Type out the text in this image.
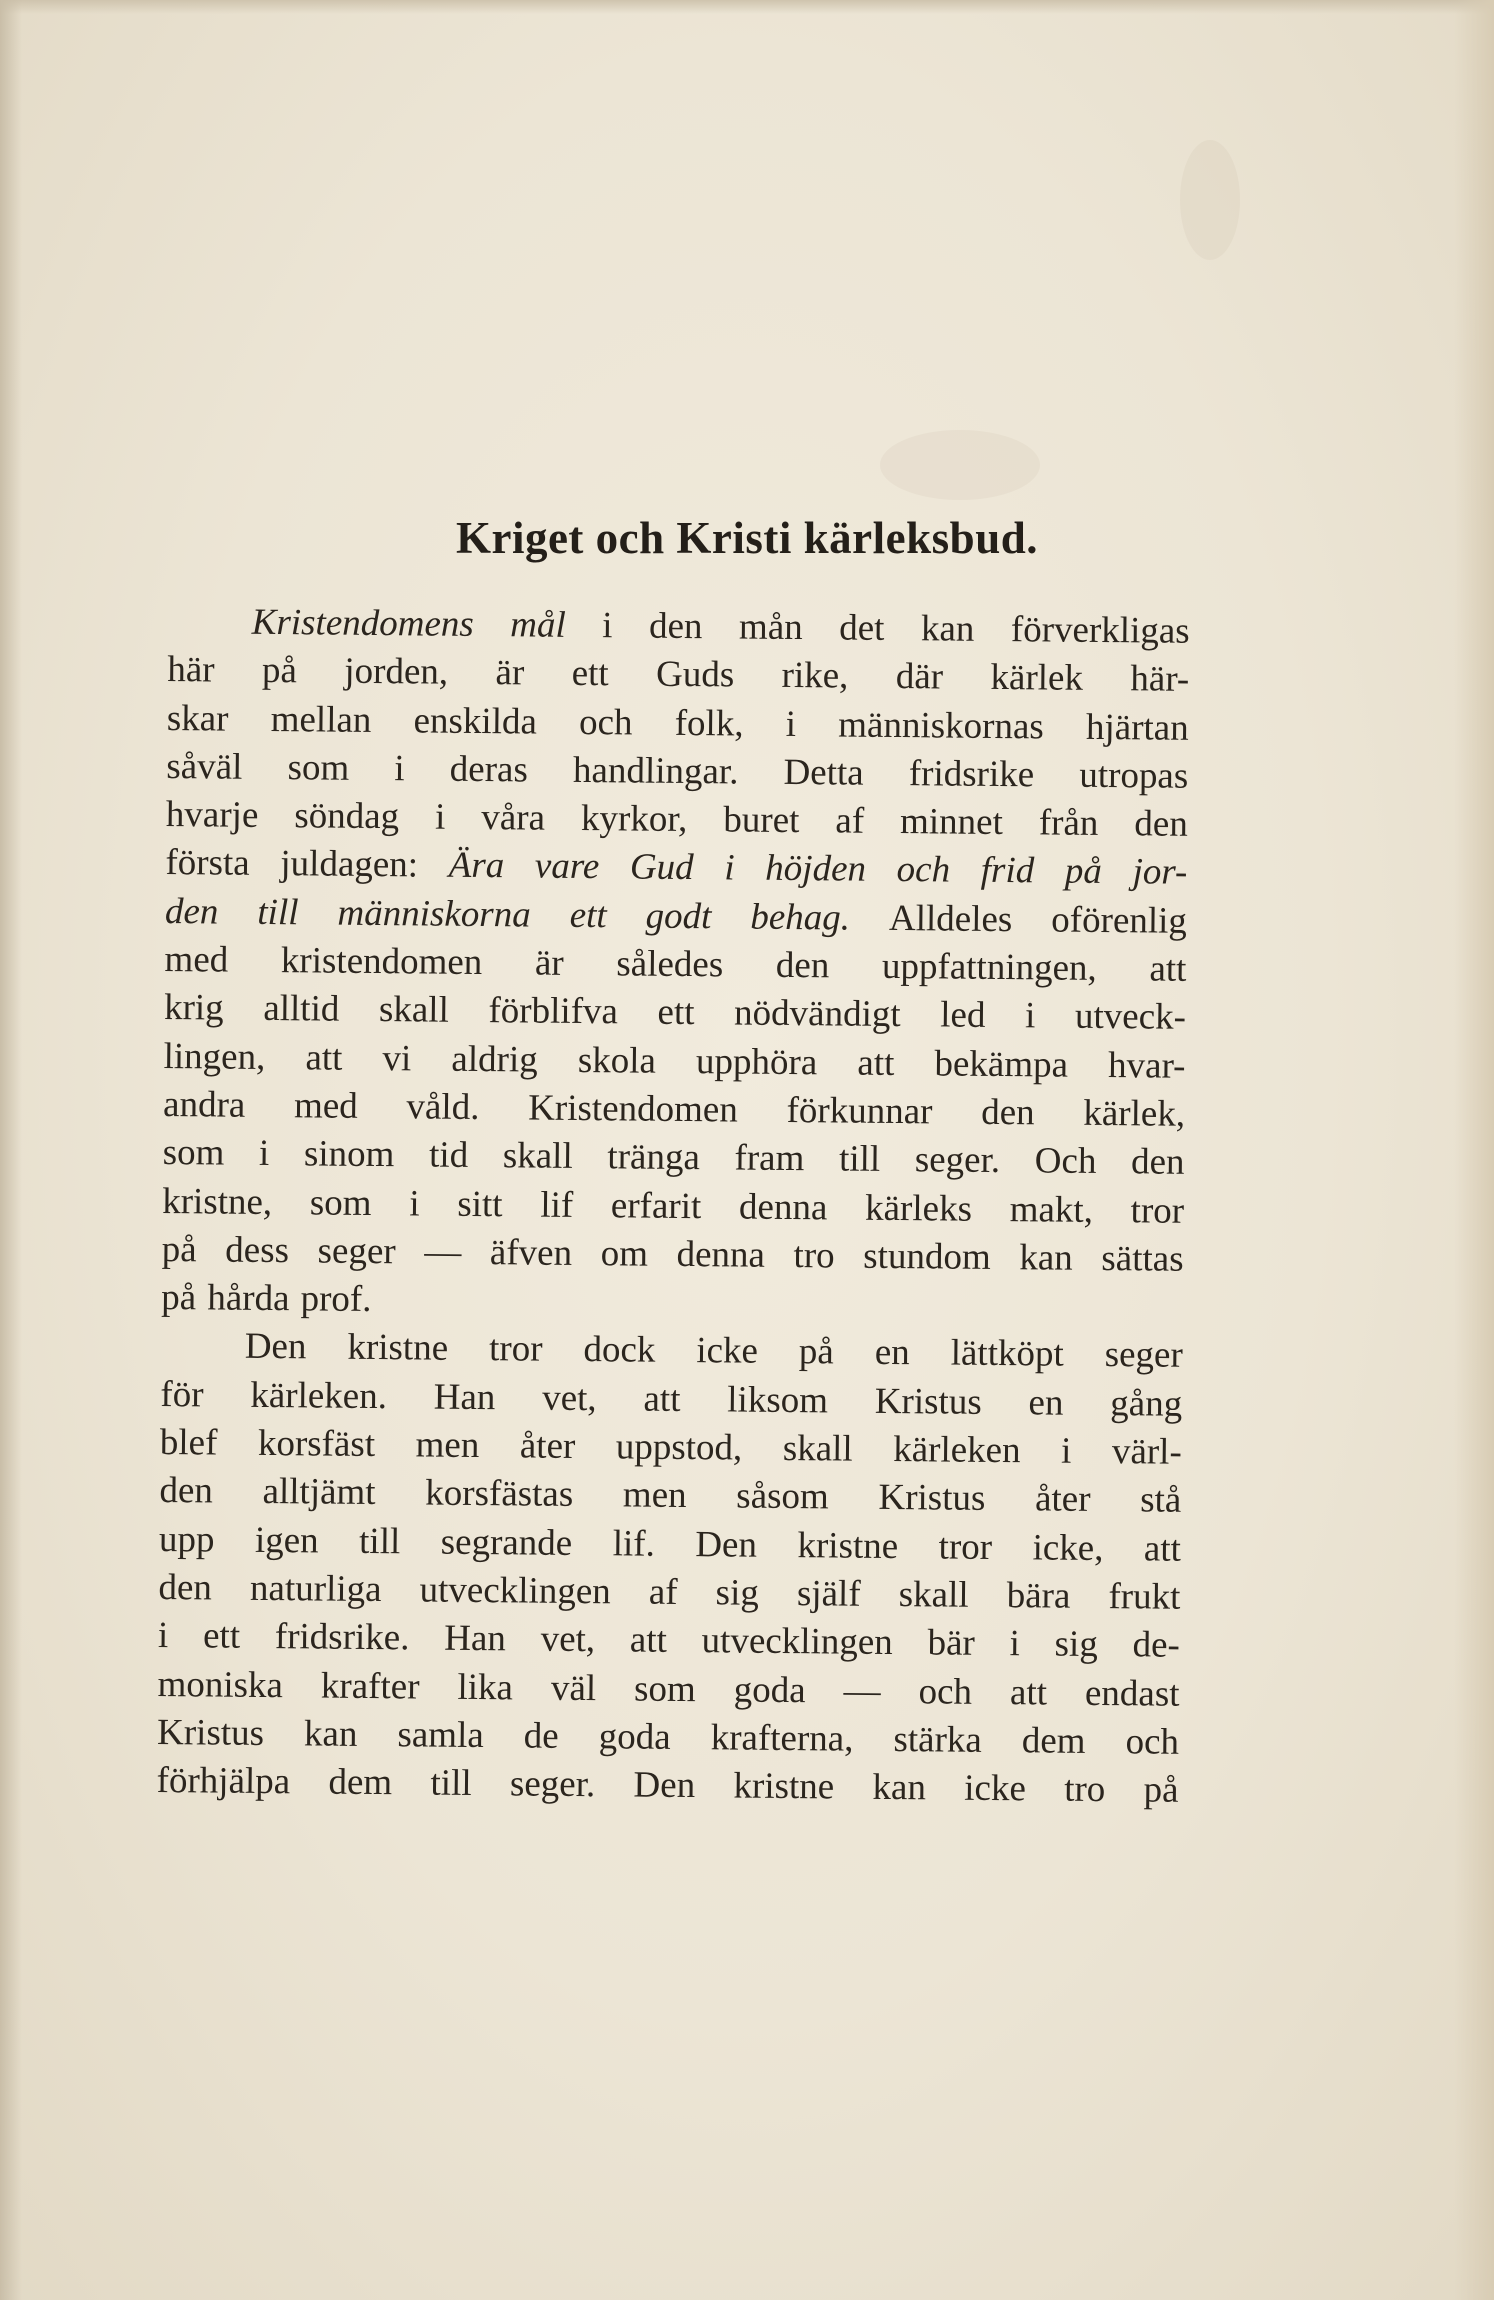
Kriget och Kristi kärleksbud.
Kristendomens mål i den mån det kan förverkligas
här på jorden, är ett Guds rike, där kärlek här-
skar mellan enskilda och folk, i människornas hjärtan
såväl som i deras handlingar. Detta fridsrike utropas
hvarje söndag i våra kyrkor, buret af minnet från den
första juldagen: Ära vare Gud i höjden och frid på jor-
den till människorna ett godt behag. Alldeles oförenlig
med kristendomen är således den uppfattningen, att
krig alltid skall förblifva ett nödvändigt led i utveck-
lingen, att vi aldrig skola upphöra att bekämpa hvar-
andra med våld. Kristendomen förkunnar den kärlek,
som i sinom tid skall tränga fram till seger. Och den
kristne, som i sitt lif erfarit denna kärleks makt, tror
på dess seger — äfven om denna tro stundom kan sättas
på hårda prof.
Den kristne tror dock icke på en lättköpt seger
för kärleken. Han vet, att liksom Kristus en gång
blef korsfäst men åter uppstod, skall kärleken i värl-
den alltjämt korsfästas men såsom Kristus åter stå
upp igen till segrande lif. Den kristne tror icke, att
den naturliga utvecklingen af sig själf skall bära frukt
i ett fridsrike. Han vet, att utvecklingen bär i sig de-
moniska krafter lika väl som goda — och att endast
Kristus kan samla de goda krafterna, stärka dem och
förhjälpa dem till seger. Den kristne kan icke tro på
